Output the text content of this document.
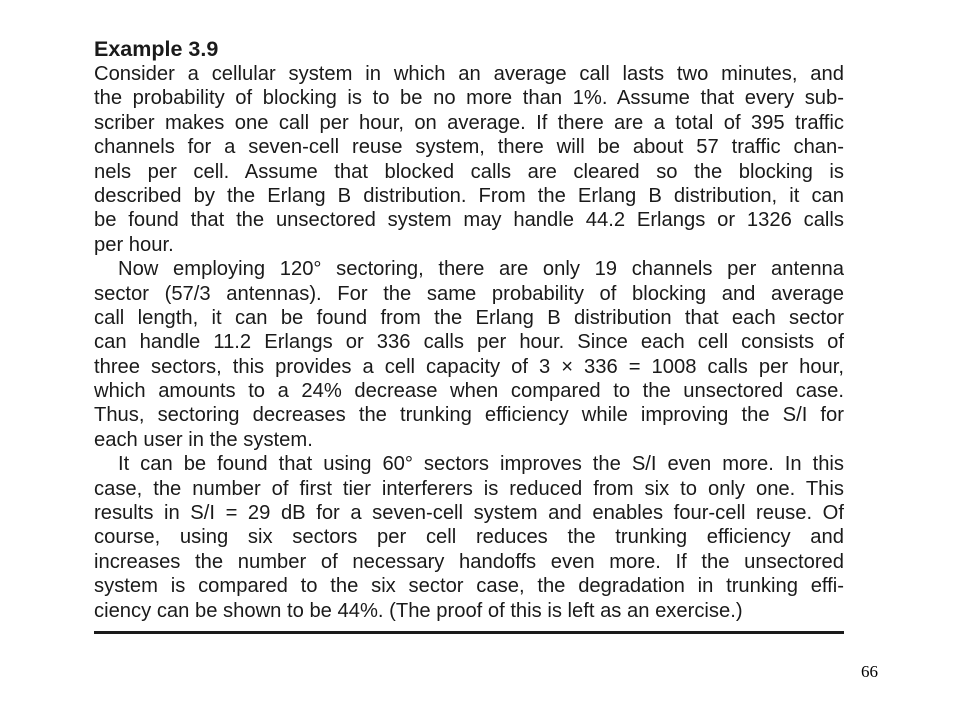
Example 3.9
Consider a cellular system in which an average call lasts two minutes, and
the probability of blocking is to be no more than 1%. Assume that every sub-
scriber makes one call per hour, on average. If there are a total of 395 traffic
channels for a seven-cell reuse system, there will be about 57 traffic chan-
nels per cell. Assume that blocked calls are cleared so the blocking is
described by the Erlang B distribution. From the Erlang B distribution, it can
be found that the unsectored system may handle 44.2 Erlangs or 1326 calls
per hour.
Now employing 120° sectoring, there are only 19 channels per antenna
sector (57/3 antennas). For the same probability of blocking and average
call length, it can be found from the Erlang B distribution that each sector
can handle 11.2 Erlangs or 336 calls per hour. Since each cell consists of
three sectors, this provides a cell capacity of 3 × 336 = 1008 calls per hour,
which amounts to a 24% decrease when compared to the unsectored case.
Thus, sectoring decreases the trunking efficiency while improving the S/I for
each user in the system.
It can be found that using 60° sectors improves the S/I even more. In this
case, the number of first tier interferers is reduced from six to only one. This
results in S/I = 29 dB for a seven-cell system and enables four-cell reuse. Of
course, using six sectors per cell reduces the trunking efficiency and
increases the number of necessary handoffs even more. If the unsectored
system is compared to the six sector case, the degradation in trunking effi-
ciency can be shown to be 44%. (The proof of this is left as an exercise.)
66
